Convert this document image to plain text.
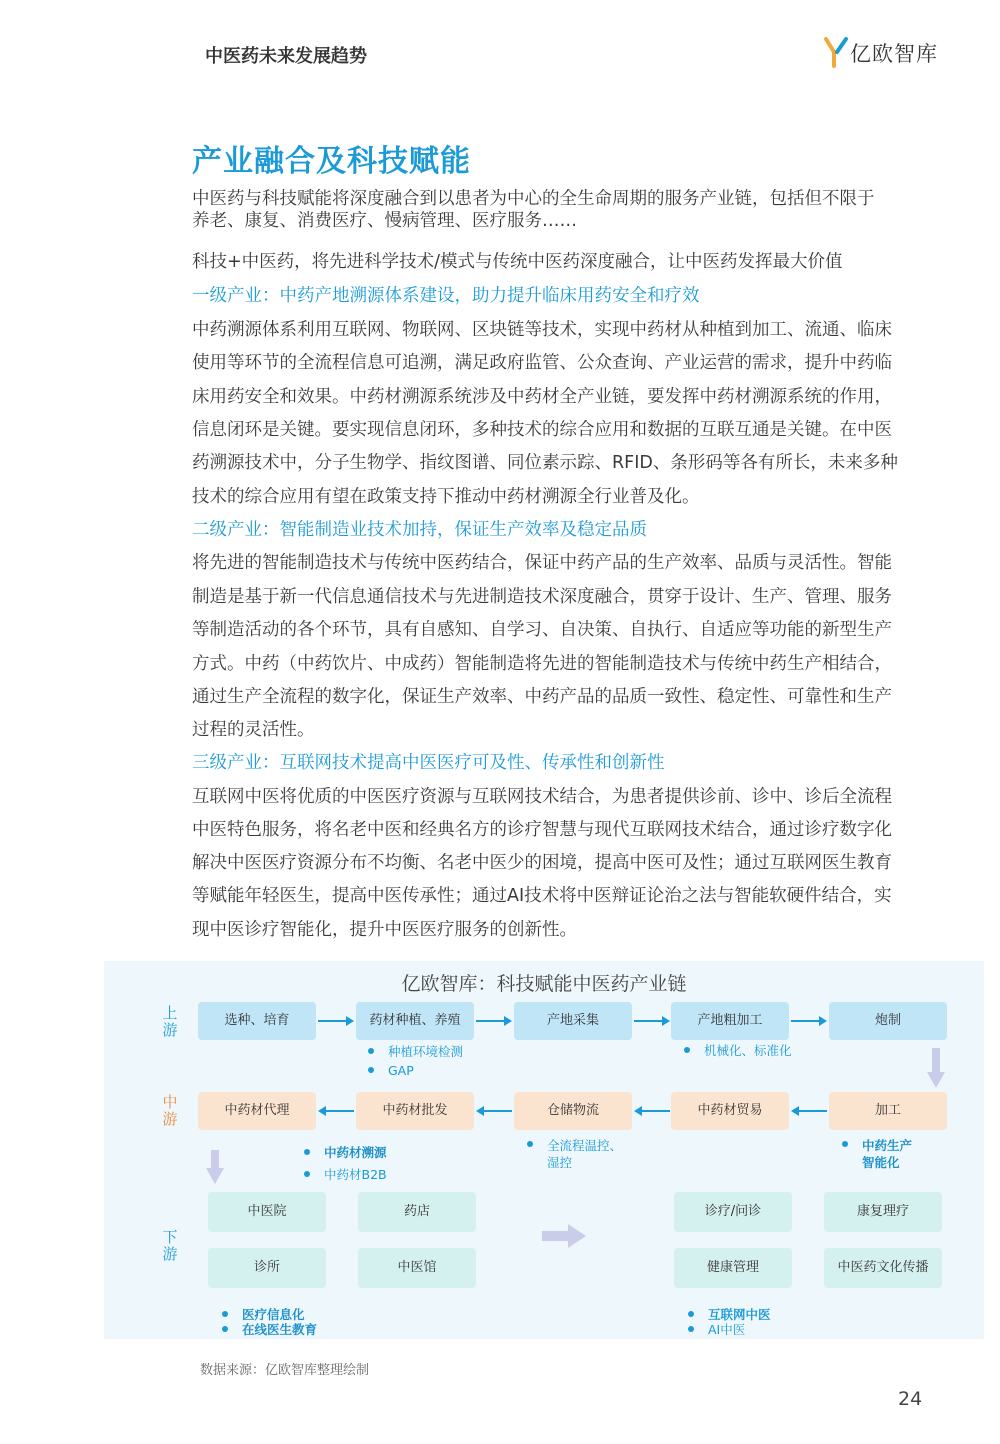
中医药未来发展趋势	亿欧智库
产业融合及科技赋能
中医药与科技赋能将深度融合到以患者为中心的全生命周期的服务产业链，包括但不限于
养老、康复、消费医疗、慢病管理、医疗服务……
科技+中医药，将先进科学技术/模式与传统中医药深度融合，让中医药发挥最大价值
一级产业：中药产地溯源体系建设，助力提升临床用药安全和疗效
中药溯源体系利用互联网、物联网、区块链等技术，实现中药材从种植到加工、流通、临床
使用等环节的全流程信息可追溯，满足政府监管、公众查询、产业运营的需求，提升中药临
床用药安全和效果。中药材溯源系统涉及中药材全产业链，要发挥中药材溯源系统的作用，
信息闭环是关键。要实现信息闭环，多种技术的综合应用和数据的互联互通是关键。在中医
药溯源技术中，分子生物学、指纹图谱、同位素示踪、RFID、条形码等各有所长，未来多种
技术的综合应用有望在政策支持下推动中药材溯源全行业普及化。
二级产业：智能制造业技术加持，保证生产效率及稳定品质
将先进的智能制造技术与传统中医药结合，保证中药产品的生产效率、品质与灵活性。智能
制造是基于新一代信息通信技术与先进制造技术深度融合，贯穿于设计、生产、管理、服务
等制造活动的各个环节，具有自感知、自学习、自决策、自执行、自适应等功能的新型生产
方式。中药（中药饮片、中成药）智能制造将先进的智能制造技术与传统中药生产相结合，
通过生产全流程的数字化，保证生产效率、中药产品的品质一致性、稳定性、可靠性和生产
过程的灵活性。
三级产业：互联网技术提高中医医疗可及性、传承性和创新性
互联网中医将优质的中医医疗资源与互联网技术结合，为患者提供诊前、诊中、诊后全流程
中医特色服务，将名老中医和经典名方的诊疗智慧与现代互联网技术结合，通过诊疗数字化
解决中医医疗资源分布不均衡、名老中医少的困境，提高中医可及性；通过互联网医生教育
等赋能年轻医生，提高中医传承性；通过AI技术将中医辩证论治之法与智能软硬件结合，实
现中医诊疗智能化，提升中医医疗服务的创新性。
亿欧智库：科技赋能中医药产业链
上游
中游
下游
选种、培育	药材种植、养殖	产地采集	产地粗加工	炮制
种植环境检测
GAP
机械化、标准化
中药材代理	中药材批发	仓储物流	中药材贸易	加工
中药材溯源
中药材B2B
全流程温控、湿控
中药生产智能化
中医院	药店
诊所	中医馆
诊疗/问诊	康复理疗
健康管理	中医药文化传播
医疗信息化
在线医生教育
互联网中医
AI中医
数据来源：亿欧智库整理绘制
24
